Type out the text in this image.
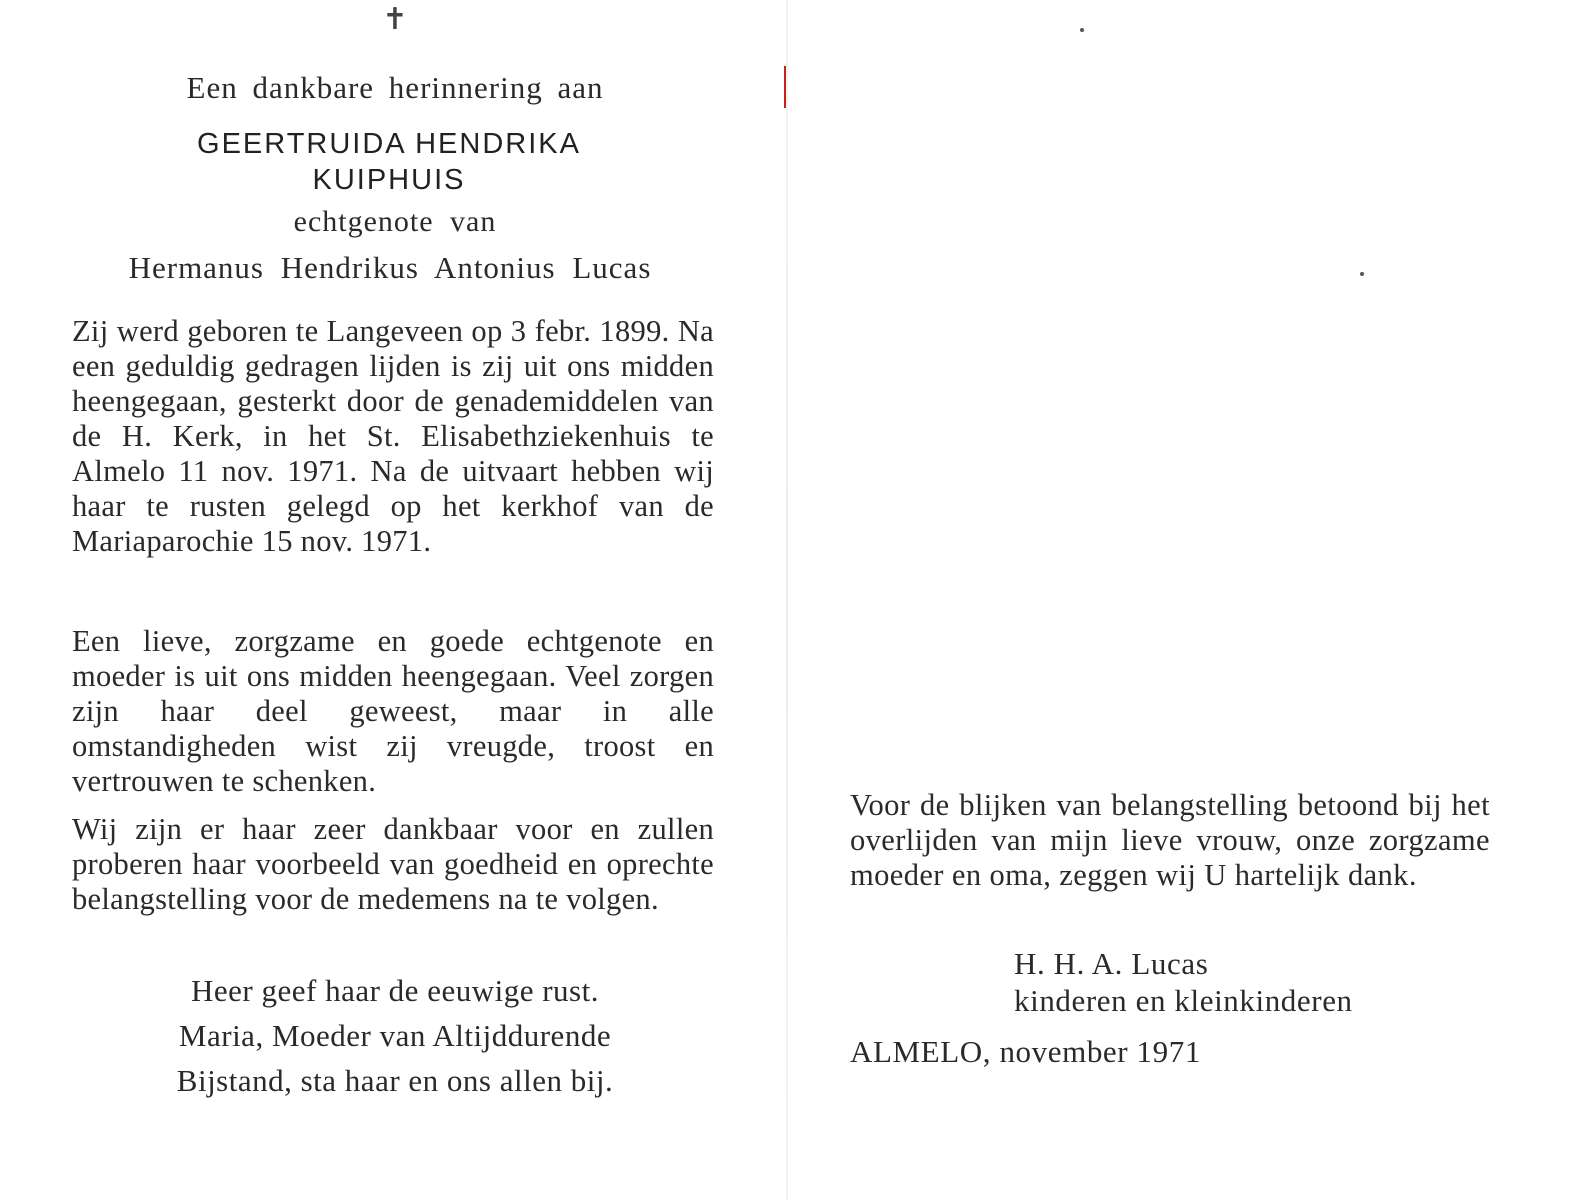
✝
Een dankbare herinnering aan
GEERTRUIDA HENDRIKA
KUIPHUIS
echtgenote van
Hermanus Hendrikus Antonius Lucas
Zij werd geboren te Langeveen op 3 febr. 1899. Na een geduldig gedragen lijden is zij uit ons midden heengegaan, gesterkt door de genademiddelen van de H. Kerk, in het St. Elisabethziekenhuis te Almelo 11 nov. 1971. Na de uitvaart hebben wij haar te rusten gelegd op het kerkhof van de Mariaparochie 15 nov. 1971.
Een lieve, zorgzame en goede echtgenote en moeder is uit ons midden heengegaan. Veel zorgen zijn haar deel geweest, maar in alle omstandigheden wist zij vreugde, troost en vertrouwen te schenken.
Wij zijn er haar zeer dankbaar voor en zullen proberen haar voorbeeld van goedheid en oprechte belangstelling voor de medemens na te volgen.
Heer geef haar de eeuwige rust.
Maria, Moeder van Altijddurende
Bijstand, sta haar en ons allen bij.
Voor de blijken van belangstelling betoond bij het overlijden van mijn lieve vrouw, onze zorgzame moeder en oma, zeggen wij U hartelijk dank.
H. H. A. Lucas
kinderen en kleinkinderen
ALMELO, november 1971
